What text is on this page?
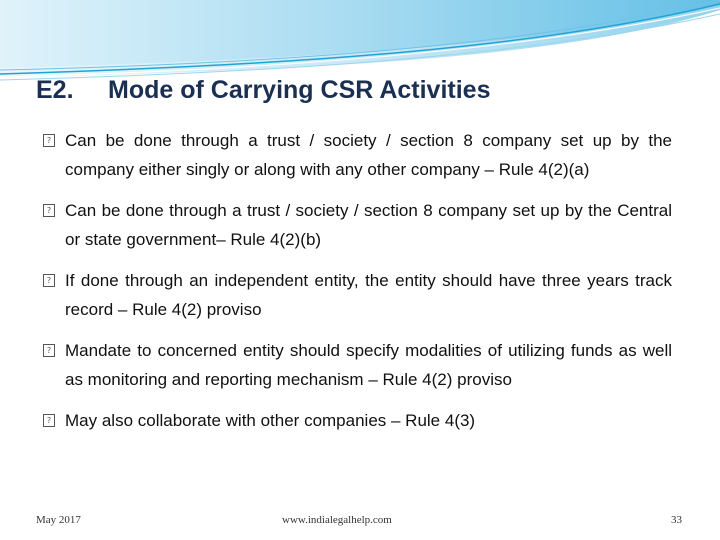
E2. Mode of Carrying CSR Activities
? Can be done through a trust / society / section 8 company set up by the company either singly or along with any other company – Rule 4(2)(a)
? Can be done through a trust / society / section 8 company set up by the Central or state government– Rule 4(2)(b)
? If done through an independent entity, the entity should have three years track record – Rule 4(2) proviso
? Mandate to concerned entity should specify modalities of utilizing funds as well as monitoring and reporting mechanism – Rule 4(2) proviso
? May also collaborate with other companies – Rule 4(3)
May 2017	www.indialegalhelp.com	33
